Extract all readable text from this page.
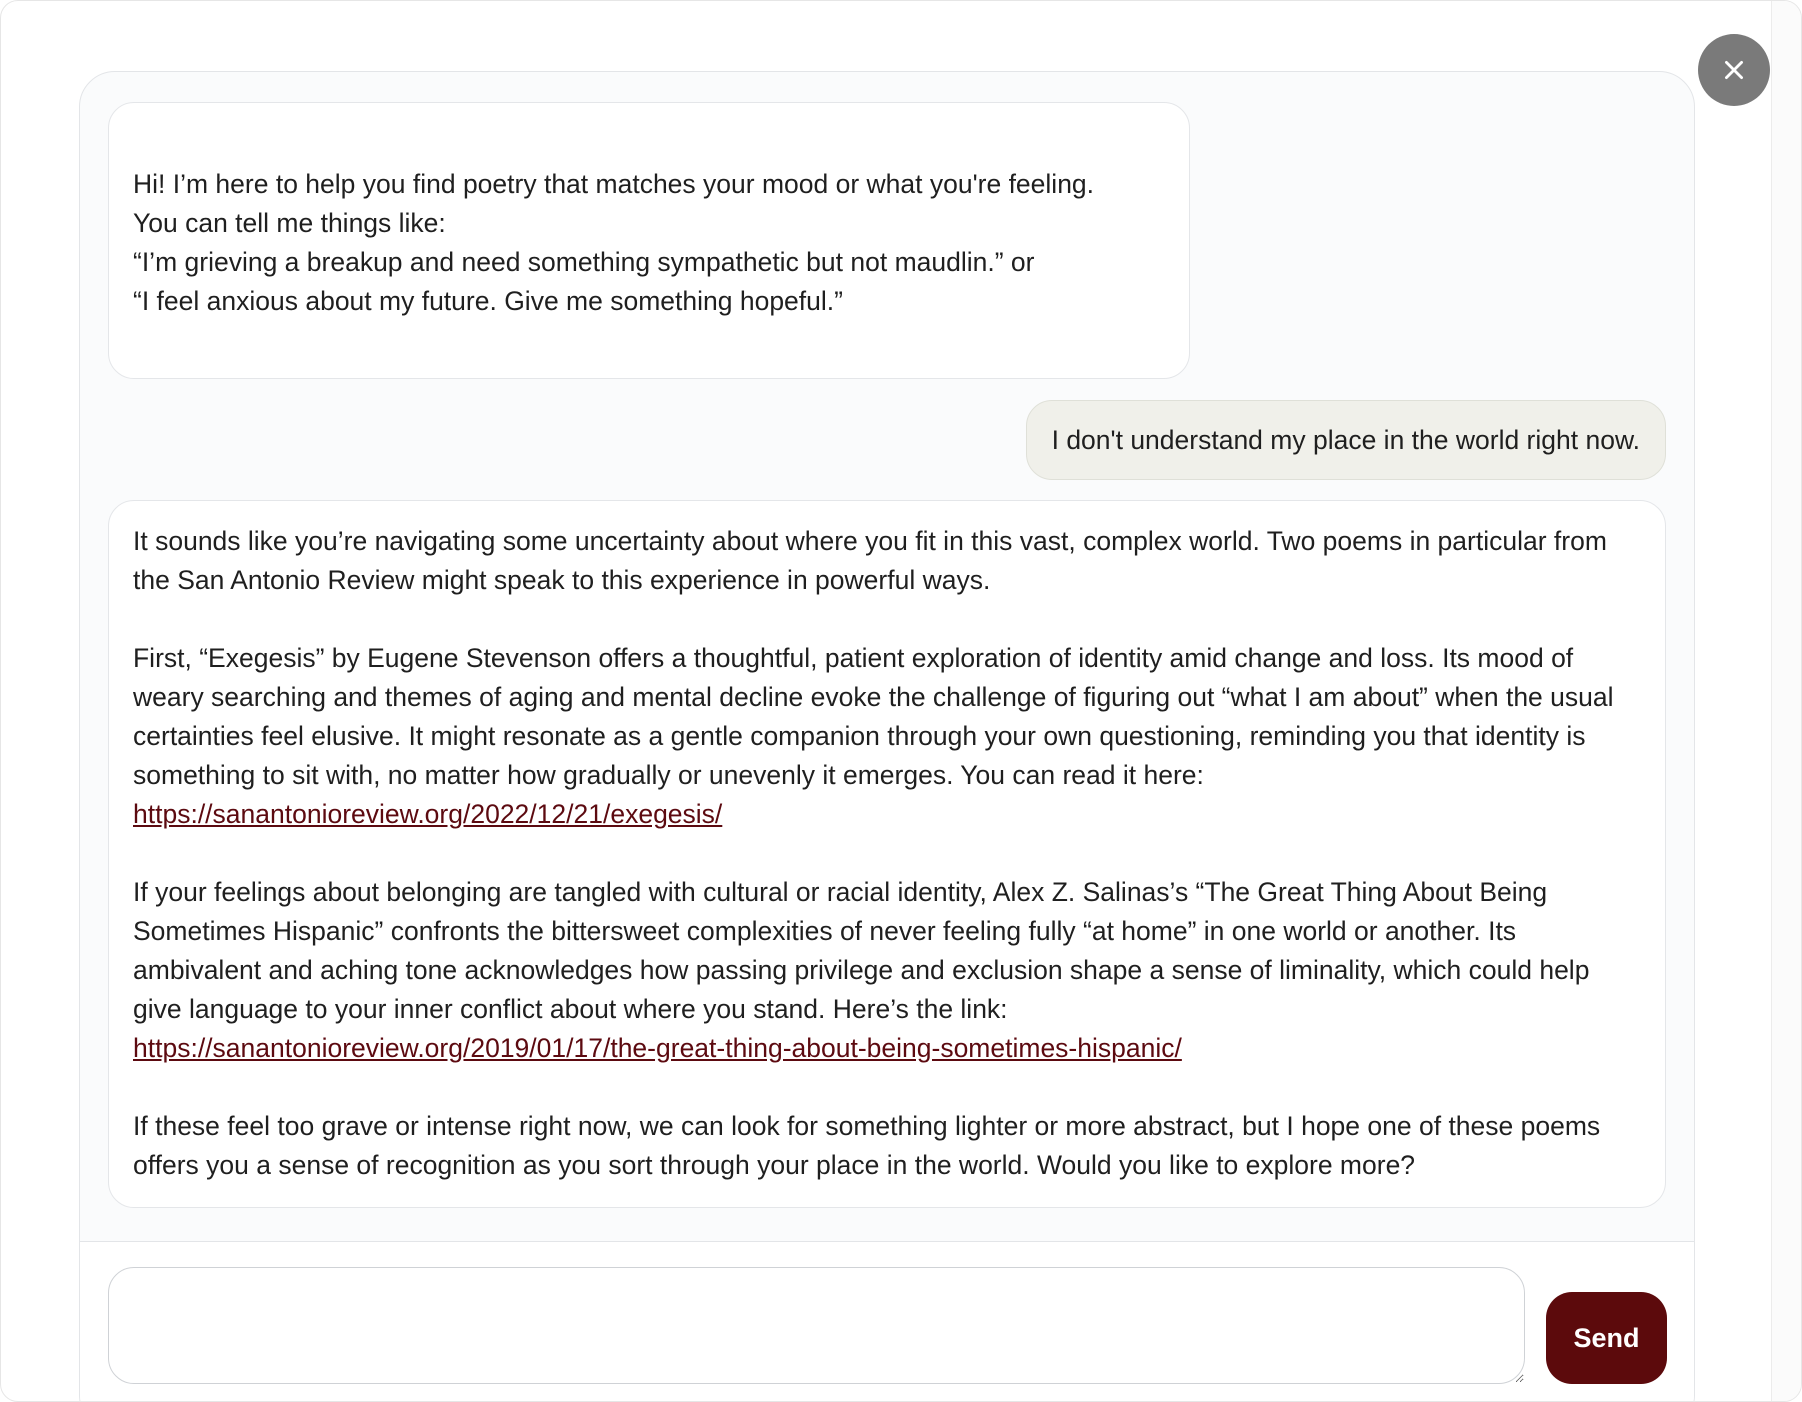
Hi! I’m here to help you find poetry that matches your mood or what you're feeling.
You can tell me things like:
“I’m grieving a breakup and need something sympathetic but not maudlin.” or
“I feel anxious about my future. Give me something hopeful.”
I don't understand my place in the world right now.
It sounds like you’re navigating some uncertainty about where you fit in this vast, complex world. Two poems in particular from the San Antonio Review might speak to this experience in powerful ways.
First, “Exegesis” by Eugene Stevenson offers a thoughtful, patient exploration of identity amid change and loss. Its mood of weary searching and themes of aging and mental decline evoke the challenge of figuring out “what I am about” when the usual certainties feel elusive. It might resonate as a gentle companion through your own questioning, reminding you that identity is something to sit with, no matter how gradually or unevenly it emerges. You can read it here: https://sanantonioreview.org/2022/12/21/exegesis/
If your feelings about belonging are tangled with cultural or racial identity, Alex Z. Salinas’s “The Great Thing About Being Sometimes Hispanic” confronts the bittersweet complexities of never feeling fully “at home” in one world or another. Its ambivalent and aching tone acknowledges how passing privilege and exclusion shape a sense of liminality, which could help give language to your inner conflict about where you stand. Here’s the link:
https://sanantonioreview.org/2019/01/17/the-great-thing-about-being-sometimes-hispanic/
If these feel too grave or intense right now, we can look for something lighter or more abstract, but I hope one of these poems offers you a sense of recognition as you sort through your place in the world. Would you like to explore more?
Send
